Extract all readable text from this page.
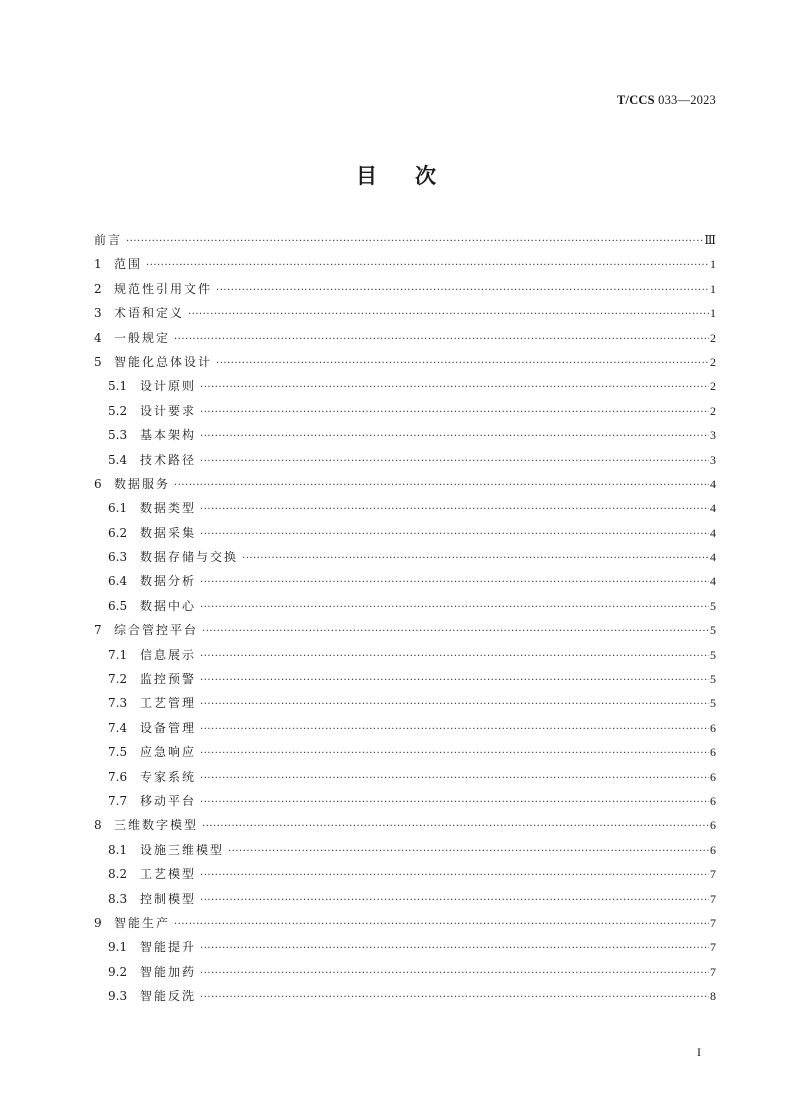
T/CCS 033—2023
目次
前言 ·····	Ⅲ
1	范围 ·····	1
2	规范性引用文件 ·····	1
3	术语和定义 ·····	1
4	一般规定 ·····	2
5	智能化总体设计 ·····	2
5.1	设计原则 ·····	2
5.2	设计要求 ·····	2
5.3	基本架构 ·····	3
5.4	技术路径 ·····	3
6	数据服务 ·····	4
6.1	数据类型 ·····	4
6.2	数据采集 ·····	4
6.3	数据存储与交换 ·····	4
6.4	数据分析 ·····	4
6.5	数据中心 ·····	5
7	综合管控平台 ·····	5
7.1	信息展示 ·····	5
7.2	监控预警 ·····	5
7.3	工艺管理 ·····	5
7.4	设备管理 ·····	6
7.5	应急响应 ·····	6
7.6	专家系统 ·····	6
7.7	移动平台 ·····	6
8	三维数字模型 ·····	6
8.1	设施三维模型 ·····	6
8.2	工艺模型 ·····	7
8.3	控制模型 ·····	7
9	智能生产 ·····	7
9.1	智能提升 ·····	7
9.2	智能加药 ·····	7
9.3	智能反洗 ·····	8
I
